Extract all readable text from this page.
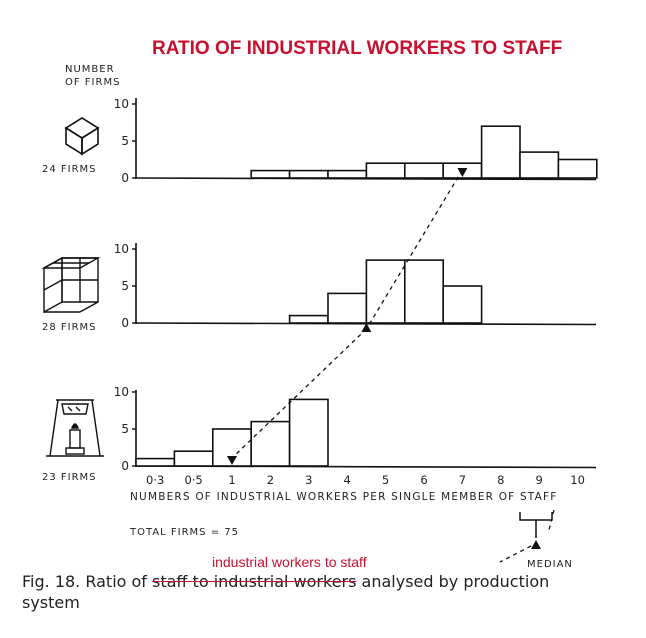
RATIO OF INDUSTRIAL WORKERS TO STAFF
NUMBER
OF FIRMS
NUMBERS OF INDUSTRIAL WORKERS PER SINGLE MEMBER OF STAFF
TOTAL FIRMS = 75
MEDIAN
0
5
10
24 FIRMS
0
5
10
28 FIRMS
0
5
10
23 FIRMS	0·3 0·5 1	2	3	4	5	6	7	8	9 10
industrial workers to staff
Fig. 18. Ratio of staff to industrial workers analysed by production
system
